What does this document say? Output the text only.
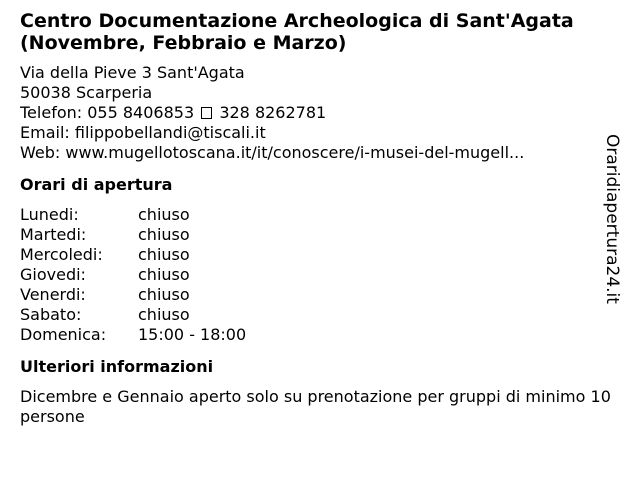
Centro Documentazione Archeologica di Sant'Agata (Novembre, Febbraio e Marzo)
Via della Pieve 3 Sant'Agata
50038 Scarperia
Telefon: 055 8406853 328 8262781
Email: filippobellandi@tiscali.it
Web: www.mugellotoscana.it/it/conoscere/i-musei-del-mugell...
Orari di apertura
Lunedi:	chiuso
Martedi:	chiuso
Mercoledi:	chiuso
Giovedi:	chiuso
Venerdi:	chiuso
Sabato:	chiuso
Domenica:	15:00 - 18:00
Ulteriori informazioni
Dicembre e Gennaio aperto solo su prenotazione per gruppi di minimo 10 persone
Oraridiapertura24.it
